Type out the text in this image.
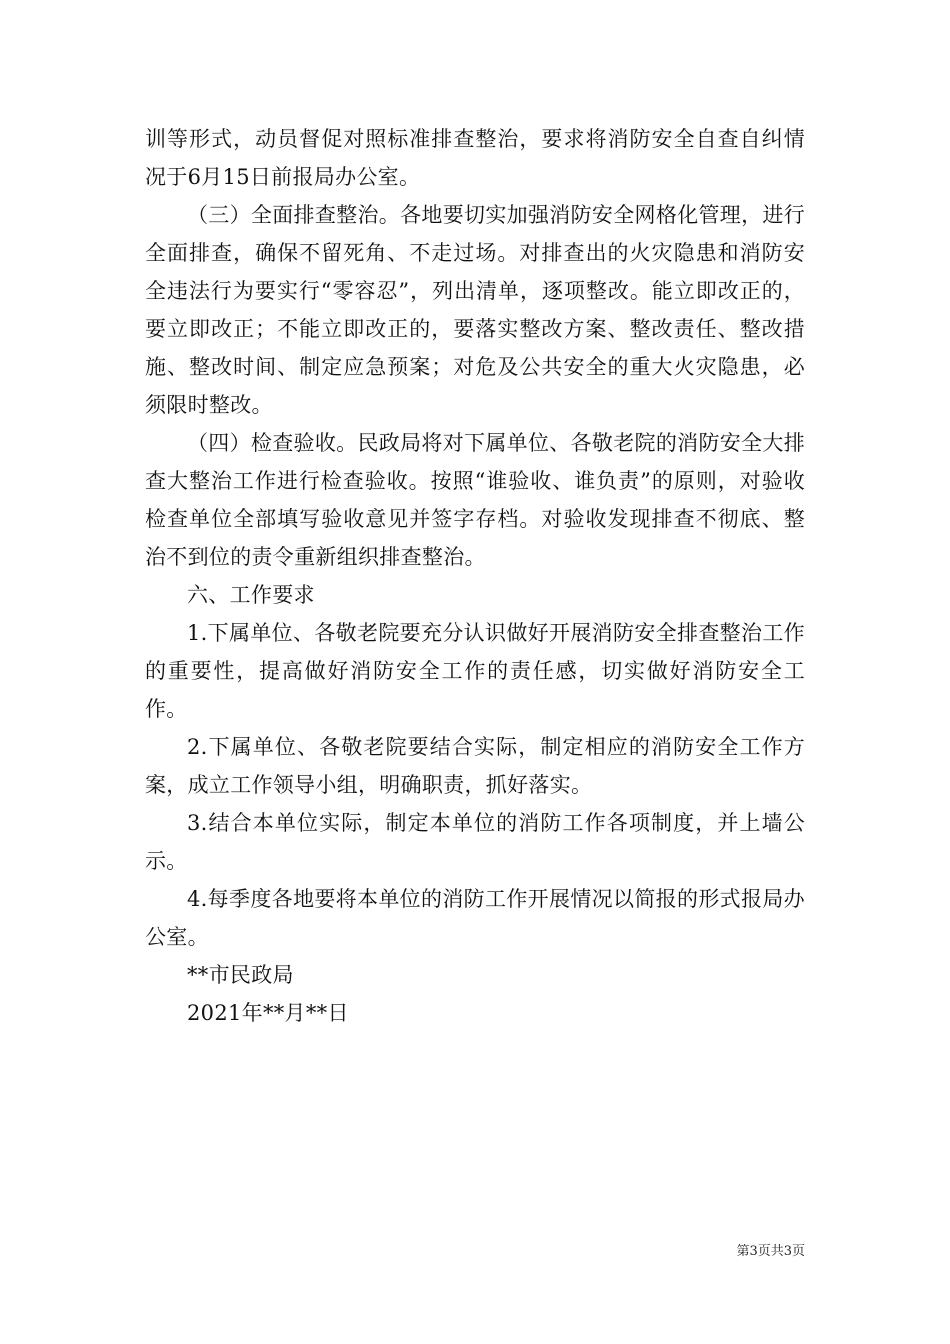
训等形式，动员督促对照标准排查整治，要求将消防安全自查自纠情况于6月15日前报局办公室。

（三）全面排查整治。各地要切实加强消防安全网格化管理，进行全面排查，确保不留死角、不走过场。对排查出的火灾隐患和消防安全违法行为要实行“零容忍”，列出清单，逐项整改。能立即改正的，要立即改正；不能立即改正的，要落实整改方案、整改责任、整改措施、整改时间、制定应急预案；对危及公共安全的重大火灾隐患，必须限时整改。

（四）检查验收。民政局将对下属单位、各敬老院的消防安全大排查大整治工作进行检查验收。按照“谁验收、谁负责”的原则，对验收检查单位全部填写验收意见并签字存档。对验收发现排查不彻底、整治不到位的责令重新组织排查整治。

六、工作要求

1.下属单位、各敬老院要充分认识做好开展消防安全排查整治工作的重要性，提高做好消防安全工作的责任感，切实做好消防安全工作。

2.下属单位、各敬老院要结合实际，制定相应的消防安全工作方案，成立工作领导小组，明确职责，抓好落实。

3.结合本单位实际，制定本单位的消防工作各项制度，并上墙公示。

4.每季度各地要将本单位的消防工作开展情况以简报的形式报局办公室。

**市民政局

2021年**月**日

第3页共3页
